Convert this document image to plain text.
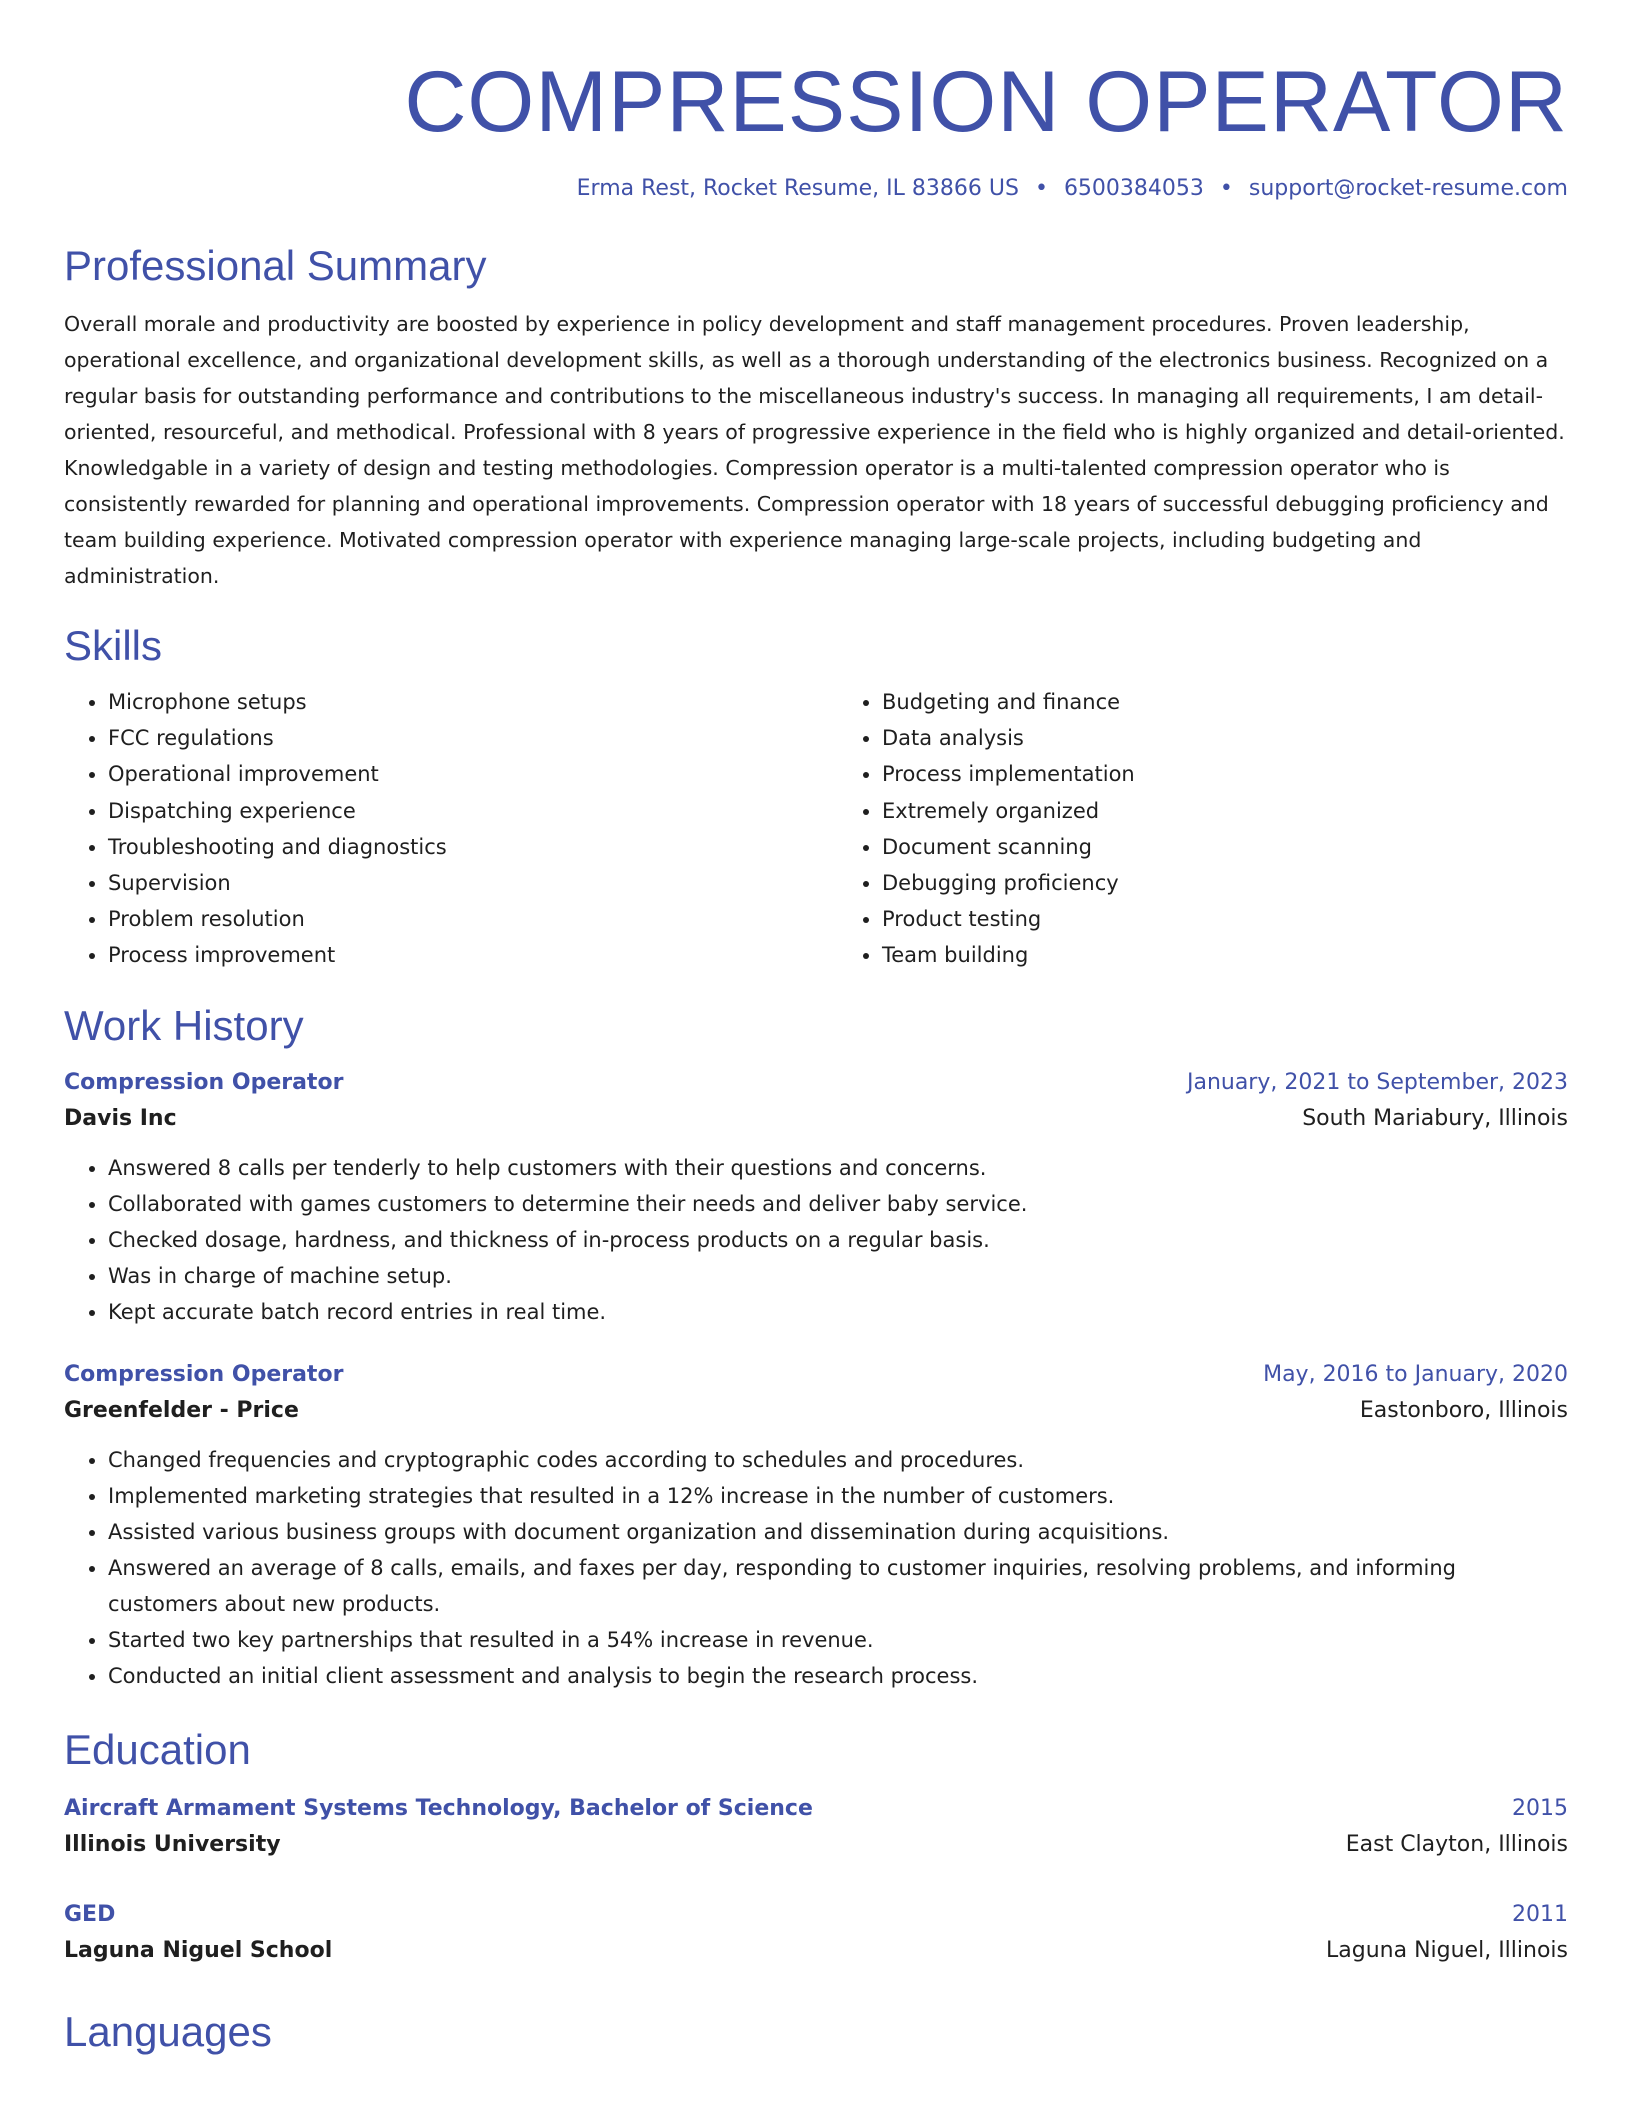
COMPRESSION OPERATOR
Erma Rest, Rocket Resume, IL 83866 US • 6500384053 • support@rocket-resume.com
Professional Summary

Overall morale and productivity are boosted by experience in policy development and staff management procedures. Proven leadership, operational excellence, and organizational development skills, as well as a thorough understanding of the electronics business. Recognized on a regular basis for outstanding performance and contributions to the miscellaneous industry's success. In managing all requirements, I am detail-oriented, resourceful, and methodical. Professional with 8 years of progressive experience in the field who is highly organized and detail-oriented. Knowledgable in a variety of design and testing methodologies. Compression operator is a multi-talented compression operator who is consistently rewarded for planning and operational improvements. Compression operator with 18 years of successful debugging proficiency and team building experience. Motivated compression operator with experience managing large-scale projects, including budgeting and administration.

Skills
• Microphone setups
• FCC regulations
• Operational improvement
• Dispatching experience
• Troubleshooting and diagnostics
• Supervision
• Problem resolution
• Process improvement
• Budgeting and finance
• Data analysis
• Process implementation
• Extremely organized
• Document scanning
• Debugging proficiency
• Product testing
• Team building
Work History
Compression Operator	January, 2021 to September, 2023
Davis Inc	South Mariabury, Illinois
• Answered 8 calls per tenderly to help customers with their questions and concerns.
• Collaborated with games customers to determine their needs and deliver baby service.
• Checked dosage, hardness, and thickness of in-process products on a regular basis.
• Was in charge of machine setup.
• Kept accurate batch record entries in real time.
Compression Operator	May, 2016 to January, 2020
Greenfelder - Price	Eastonboro, Illinois
• Changed frequencies and cryptographic codes according to schedules and procedures.
• Implemented marketing strategies that resulted in a 12% increase in the number of customers.
• Assisted various business groups with document organization and dissemination during acquisitions.
• Answered an average of 8 calls, emails, and faxes per day, responding to customer inquiries, resolving problems, and informing customers about new products.
• Started two key partnerships that resulted in a 54% increase in revenue.
• Conducted an initial client assessment and analysis to begin the research process.
Education
Aircraft Armament Systems Technology, Bachelor of Science	2015
Illinois University	East Clayton, Illinois
GED	2011
Laguna Niguel School	Laguna Niguel, Illinois
Languages
